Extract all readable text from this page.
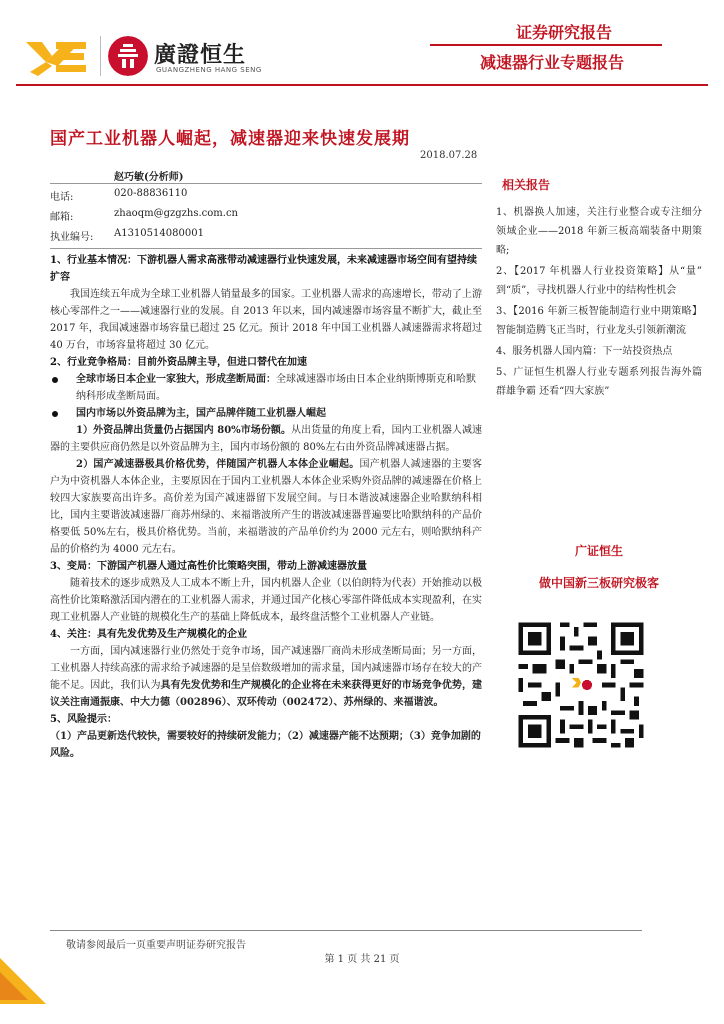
廣證恒生
GUANGZHENG HANG SENG
证券研究报告
减速器行业专题报告
国产工业机器人崛起，减速器迎来快速发展期
2018.07.28
赵巧敏(分析师)
电话:	020-88836110
邮箱:	zhaoqm@gzgzhs.com.cn
执业编号: A1310514080001
1、行业基本情况：下游机器人需求高涨带动减速器行业快速发展，未来减速器市场空间有望持续扩容
我国连续五年成为全球工业机器人销量最多的国家。工业机器人需求的高速增长，带动了上游核心零部件之一——减速器行业的发展。自 2013 年以来，国内减速器市场容量不断扩大，截止至 2017 年，我国减速器市场容量已超过 25 亿元。预计 2018 年中国工业机器人减速器需求将超过 40 万台，市场容量将超过 30 亿元。
2、行业竞争格局：目前外资品牌主导，但进口替代在加速
全球市场日本企业一家独大，形成垄断局面：全球减速器市场由日本企业纳斯博斯克和哈默纳科形成垄断局面。
国内市场以外资品牌为主，国产品牌伴随工业机器人崛起
1）外资品牌出货量仍占据国内 80%市场份额。从出货量的角度上看，国内工业机器人减速器的主要供应商仍然是以外资品牌为主，国内市场份额的 80%左右由外资品牌减速器占据。
2）国产减速器极具价格优势，伴随国产机器人本体企业崛起。国产机器人减速器的主要客户为中资机器人本体企业，主要原因在于国内工业机器人本体企业采购外资品牌的减速器在价格上较四大家族要高出许多。高价差为国产减速器留下发展空间。与日本谐波减速器企业哈默纳科相比，国内主要谐波减速器厂商苏州绿的、来福谐波所产生的谐波减速器普遍要比哈默纳科的产品价格要低 50%左右，极具价格优势。当前，来福谐波的产品单价约为 2000 元左右，则哈默纳科产品的价格约为 4000 元左右。
3、变局：下游国产机器人通过高性价比策略突围，带动上游减速器放量
随着技术的逐步成熟及人工成本不断上升，国内机器人企业（以伯朗特为代表）开始推动以极高性价比策略激活国内潜在的工业机器人需求，并通过国产化核心零部件降低成本实现盈利，在实现工业机器人产业链的规模化生产的基础上降低成本，最终盘活整个工业机器人产业链。
4、关注：具有先发优势及生产规模化的企业
一方面，国内减速器行业仍然处于竞争市场，国产减速器厂商尚未形成垄断局面；另一方面，工业机器人持续高涨的需求给予减速器的是呈倍数级增加的需求量，国内减速器市场存在较大的产能不足。因此，我们认为具有先发优势和生产规模化的企业将在未来获得更好的市场竞争优势，建议关注南通振康、中大力德（002896）、双环传动（002472）、苏州绿的、来福谐波。
5、风险提示：
（1）产品更新迭代较快，需要较好的持续研发能力；（2）减速器产能不达预期；（3）竞争加剧的风险。
相关报告
1、机器换人加速，关注行业整合或专注细分领域企业——2018 年新三板高端装备中期策略;
2、【2017 年机器人行业投资策略】从“量” 到“质”，寻找机器人行业中的结构性机会
3、【2016 年新三板智能制造行业中期策略】智能制造腾飞正当时，行业龙头引领新潮流
4、服务机器人国内篇：下一站投资热点
5、广证恒生机器人行业专题系列报告海外篇 群雄争霸 还看“四大家族”
广证恒生
做中国新三板研究极客
敬请参阅最后一页重要声明证券研究报告
第 1 页 共 21 页
